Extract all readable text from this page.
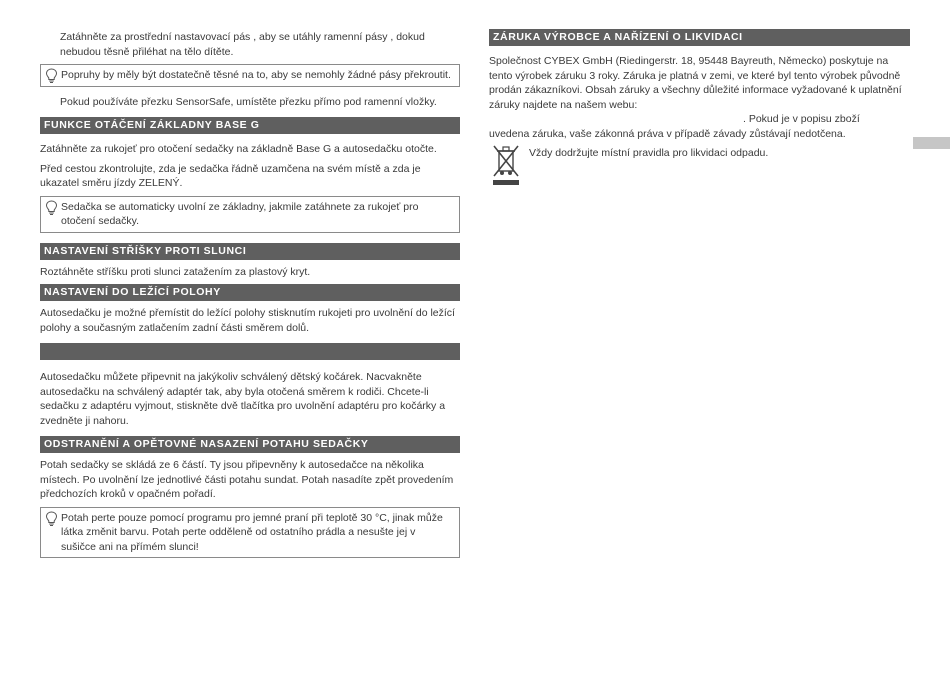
Zatáhněte za prostřední nastavovací pás , aby se utáhly ramenní pásy , dokud nebudou těsně přiléhat na tělo dítěte.

Popruhy by měly být dostatečně těsné na to, aby se nemohly žádné pásy překroutit.

Pokud používáte přezku SensorSafe, umístěte přezku přímo pod ramenní vložky.

FUNKCE OTÁČENÍ ZÁKLADNY BASE G

Zatáhněte za rukojeť pro otočení sedačky na základně Base G a autosedačku otočte.

Před cestou zkontrolujte, zda je sedačka řádně uzamčena na svém místě a zda je ukazatel směru jízdy ZELENÝ.

Sedačka se automaticky uvolní ze základny, jakmile zatáhnete za rukojeť pro otočení sedačky.

NASTAVENÍ STŘÍŠKY PROTI SLUNCI

Roztáhněte stříšku proti slunci zatažením za plastový kryt.

NASTAVENÍ DO LEŽÍCÍ POLOHY

Autosedačku je možné přemístit do ležící polohy stisknutím rukojeti pro uvolnění do ležící polohy a současným zatlačením zadní části směrem dolů.

Autosedačku můžete připevnit na jakýkoliv schválený dětský kočárek. Nacvakněte autosedačku na schválený adaptér tak, aby byla otočená směrem k rodiči. Chcete-li sedačku z adaptéru vyjmout, stiskněte dvě tlačítka pro uvolnění adaptéru pro kočárky a zvedněte ji nahoru.

ODSTRANĚNÍ A OPĚTOVNÉ NASAZENÍ POTAHU SEDAČKY

Potah sedačky se skládá ze 6 částí. Ty jsou připevněny k autosedačce na několika místech. Po uvolnění lze jednotlivé části potahu sundat. Potah nasadíte zpět provedením předchozích kroků v opačném pořadí.

Potah perte pouze pomocí programu pro jemné praní při teplotě 30 °C, jinak může látka změnit barvu. Potah perte odděleně od ostatního prádla a nesušte jej v sušičce ani na přímém slunci!

ZÁRUKA VÝROBCE A NAŘÍZENÍ O LIKVIDACI

Společnost CYBEX GmbH (Riedingerstr. 18, 95448 Bayreuth, Německo) poskytuje na tento výrobek záruku 3 roky. Záruka je platná v zemi, ve které byl tento výrobek původně prodán zákazníkovi. Obsah záruky a všechny důležité informace vyžadované k uplatnění záruky najdete na našem webu:

. Pokud je v popisu zboží

uvedena záruka, vaše zákonná práva v případě závady zůstávají nedotčena.

Vždy dodržujte místní pravidla pro likvidaci odpadu.
